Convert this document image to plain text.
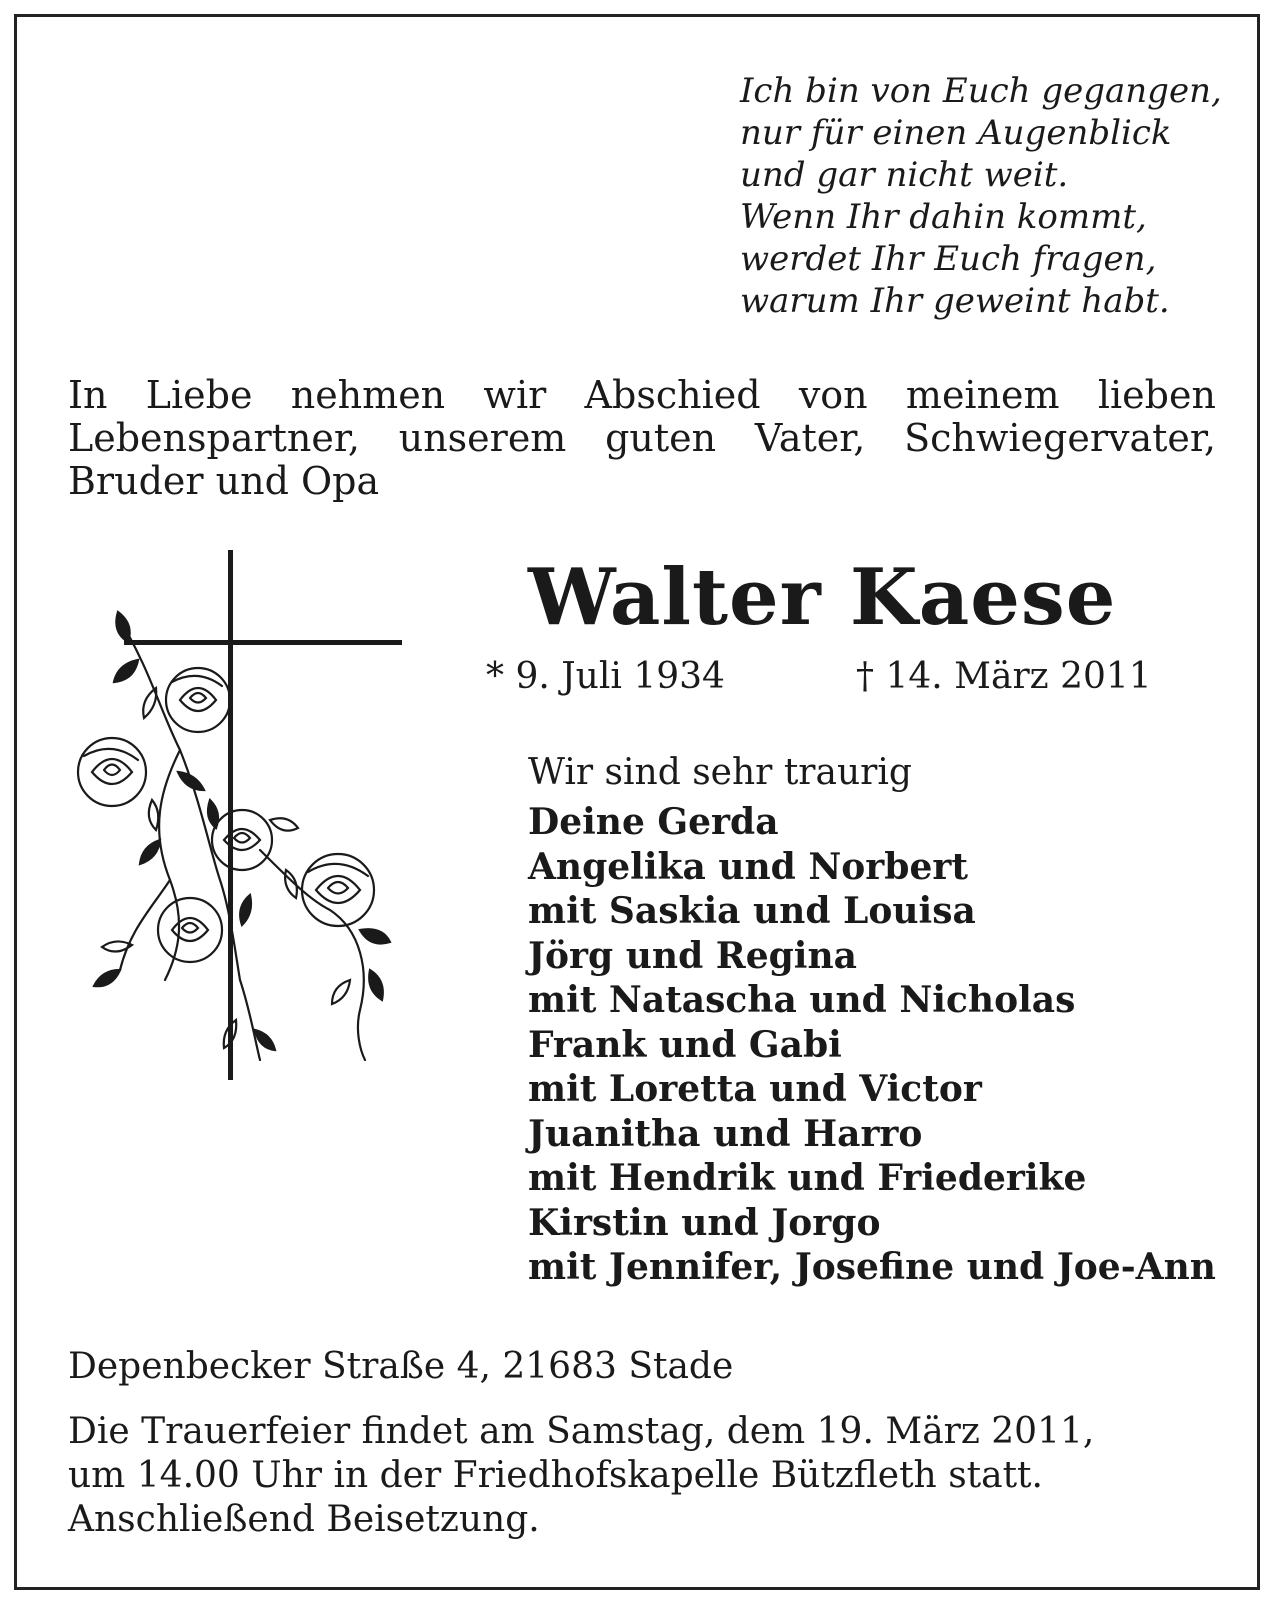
Ich bin von Euch gegangen,
nur für einen Augenblick
und gar nicht weit.
Wenn Ihr dahin kommt,
werdet Ihr Euch fragen,
warum Ihr geweint habt.
In Liebe nehmen wir Abschied von meinem lieben
Lebenspartner, unserem guten Vater, Schwiegervater,
Bruder und Opa
Walter Kaese
* 9. Juli 1934	† 14. März 2011
Wir sind sehr traurig
Deine Gerda
Angelika und Norbert
mit Saskia und Louisa
Jörg und Regina
mit Natascha und Nicholas
Frank und Gabi
mit Loretta und Victor
Juanitha und Harro
mit Hendrik und Friederike
Kirstin und Jorgo
mit Jennifer, Josefine und Joe-Ann
Depenbecker Straße 4, 21683 Stade
Die Trauerfeier findet am Samstag, dem 19. März 2011,
um 14.00 Uhr in der Friedhofskapelle Bützfleth statt.
Anschließend Beisetzung.
